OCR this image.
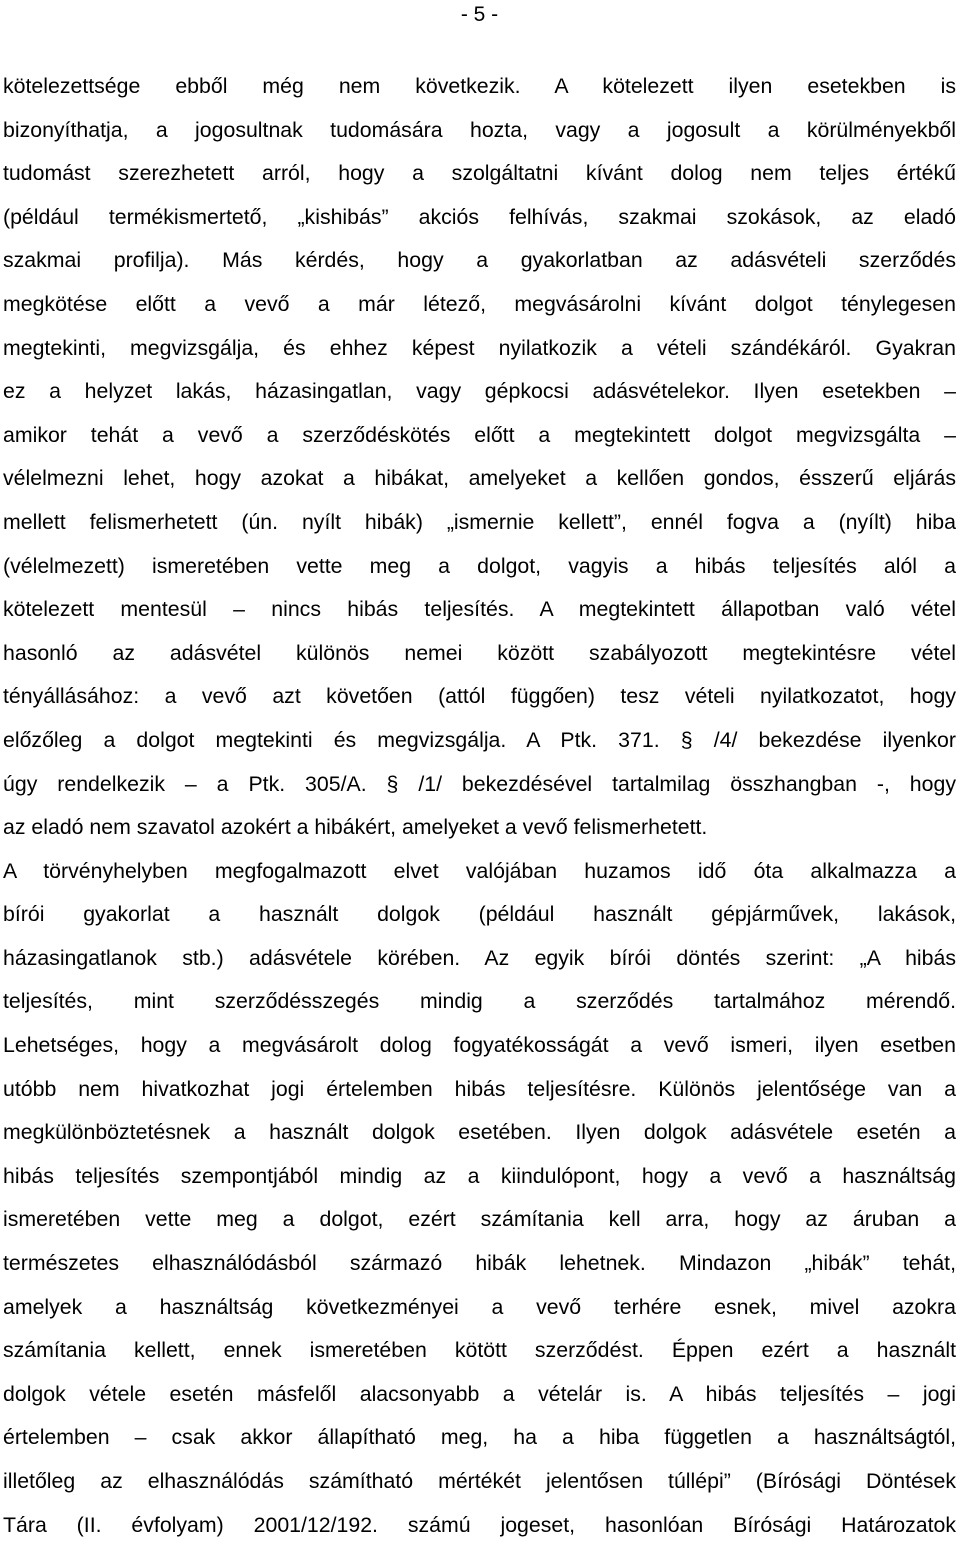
- 5 -
kötelezettsége ebből még nem következik. A kötelezett ilyen esetekben is
bizonyíthatja, a jogosultnak tudomására hozta, vagy a jogosult a körülményekből
tudomást szerezhetett arról, hogy a szolgáltatni kívánt dolog nem teljes értékű
(például termékismertető, „kishibás” akciós felhívás, szakmai szokások, az eladó
szakmai profilja). Más kérdés, hogy a gyakorlatban az adásvételi szerződés
megkötése előtt a vevő a már létező, megvásárolni kívánt dolgot ténylegesen
megtekinti, megvizsgálja, és ehhez képest nyilatkozik a vételi szándékáról. Gyakran
ez a helyzet lakás, házasingatlan, vagy gépkocsi adásvételekor. Ilyen esetekben –
amikor tehát a vevő a szerződéskötés előtt a megtekintett dolgot megvizsgálta –
vélelmezni lehet, hogy azokat a hibákat, amelyeket a kellően gondos, ésszerű eljárás
mellett felismerhetett (ún. nyílt hibák) „ismernie kellett”, ennél fogva a (nyílt) hiba
(vélelmezett) ismeretében vette meg a dolgot, vagyis a hibás teljesítés alól a
kötelezett mentesül – nincs hibás teljesítés. A megtekintett állapotban való vétel
hasonló az adásvétel különös nemei között szabályozott megtekintésre vétel
tényállásához: a vevő azt követően (attól függően) tesz vételi nyilatkozatot, hogy
előzőleg a dolgot megtekinti és megvizsgálja. A Ptk. 371. § /4/ bekezdése ilyenkor
úgy rendelkezik – a Ptk. 305/A. § /1/ bekezdésével tartalmilag összhangban -, hogy
az eladó nem szavatol azokért a hibákért, amelyeket a vevő felismerhetett.
A törvényhelyben megfogalmazott elvet valójában huzamos idő óta alkalmazza a
bírói gyakorlat a használt dolgok (például használt gépjárművek, lakások,
házasingatlanok stb.) adásvétele körében. Az egyik bírói döntés szerint: „A hibás
teljesítés, mint szerződésszegés mindig a szerződés tartalmához mérendő.
Lehetséges, hogy a megvásárolt dolog fogyatékosságát a vevő ismeri, ilyen esetben
utóbb nem hivatkozhat jogi értelemben hibás teljesítésre. Különös jelentősége van a
megkülönböztetésnek a használt dolgok esetében. Ilyen dolgok adásvétele esetén a
hibás teljesítés szempontjából mindig az a kiindulópont, hogy a vevő a használtság
ismeretében vette meg a dolgot, ezért számítania kell arra, hogy az áruban a
természetes elhasználódásból származó hibák lehetnek. Mindazon „hibák” tehát,
amelyek a használtság következményei a vevő terhére esnek, mivel azokra
számítania kellett, ennek ismeretében kötött szerződést. Éppen ezért a használt
dolgok vétele esetén másfelől alacsonyabb a vételár is. A hibás teljesítés – jogi
értelemben – csak akkor állapítható meg, ha a hiba független a használtságtól,
illetőleg az elhasználódás számítható mértékét jelentősen túllépi” (Bírósági Döntések
Tára (II. évfolyam) 2001/12/192. számú jogeset, hasonlóan Bírósági Határozatok
